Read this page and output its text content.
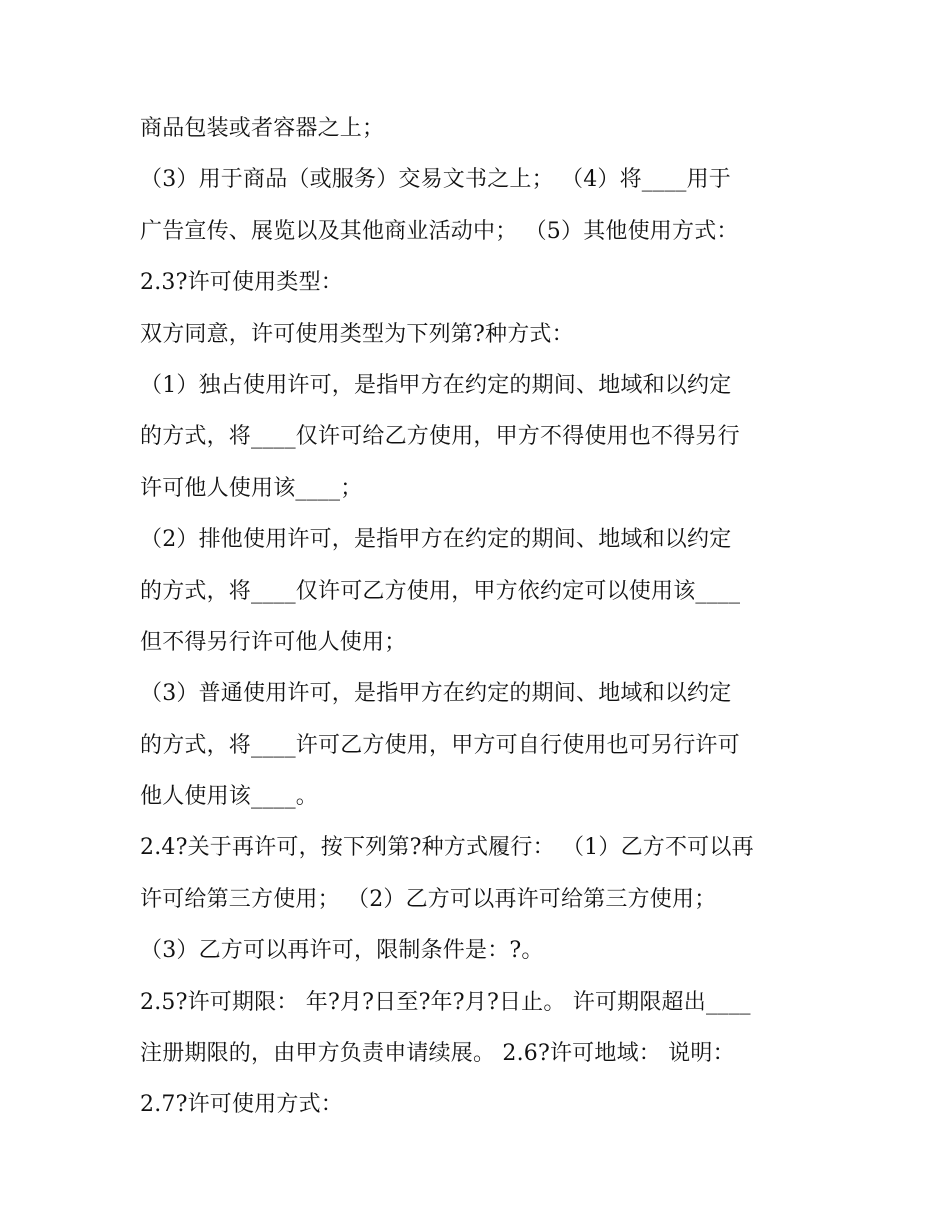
商品包装或者容器之上；
（3）用于商品（或服务）交易文书之上； （4）将____用于
广告宣传、展览以及其他商业活动中； （5）其他使用方式：
2.3?许可使用类型：
双方同意，许可使用类型为下列第?种方式：
（1）独占使用许可，是指甲方在约定的期间、地域和以约定
的方式，将____仅许可给乙方使用，甲方不得使用也不得另行
许可他人使用该____；
（2）排他使用许可，是指甲方在约定的期间、地域和以约定
的方式，将____仅许可乙方使用，甲方依约定可以使用该____
但不得另行许可他人使用；
（3）普通使用许可，是指甲方在约定的期间、地域和以约定
的方式，将____许可乙方使用，甲方可自行使用也可另行许可
他人使用该____。
2.4?关于再许可，按下列第?种方式履行： （1）乙方不可以再
许可给第三方使用； （2）乙方可以再许可给第三方使用；
（3）乙方可以再许可，限制条件是：?。
2.5?许可期限： 年?月?日至?年?月?日止。 许可期限超出____
注册期限的，由甲方负责申请续展。 2.6?许可地域： 说明：
2.7?许可使用方式：
